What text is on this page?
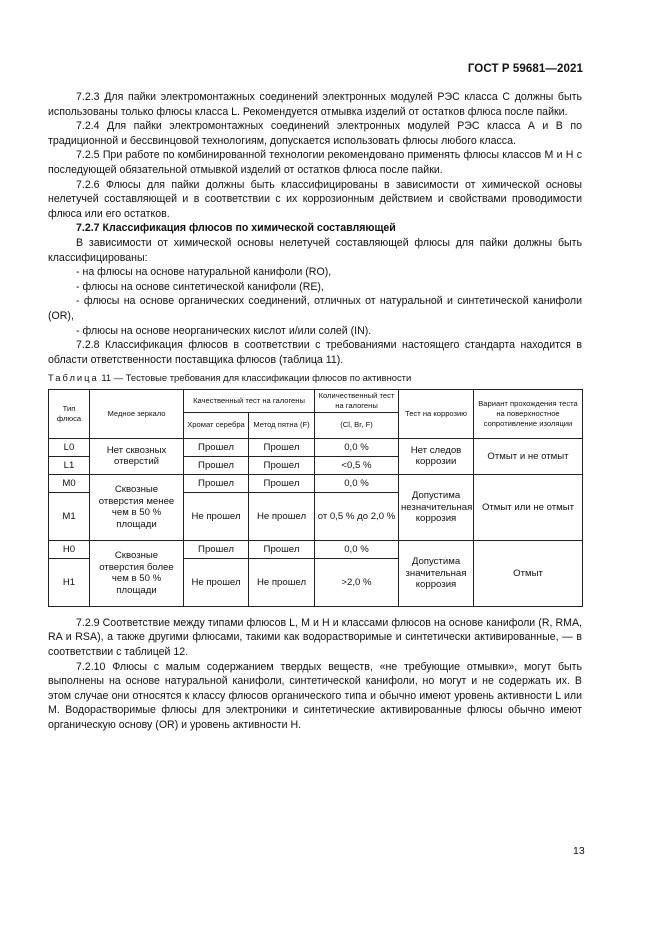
ГОСТ Р 59681—2021

7.2.3 Для пайки электромонтажных соединений электронных модулей РЭС класса С должны быть использованы только флюсы класса L. Рекомендуется отмывка изделий от остатков флюса после пайки.

7.2.4 Для пайки электромонтажных соединений электронных модулей РЭС класса А и В по традиционной и бессвинцовой технологиям, допускается использовать флюсы любого класса.

7.2.5 При работе по комбинированной технологии рекомендовано применять флюсы классов М и Н с последующей обязательной отмывкой изделий от остатков флюса после пайки.

7.2.6 Флюсы для пайки должны быть классифицированы в зависимости от химической основы нелетучей составляющей и в соответствии с их коррозионным действием и свойствами проводимости флюса или его остатков.

7.2.7 Классификация флюсов по химической составляющей

В зависимости от химической основы нелетучей составляющей флюсы для пайки должны быть классифицированы:

- на флюсы на основе натуральной канифоли (RO),

- флюсы на основе синтетической канифоли (RE),

- флюсы на основе органических соединений, отличных от натуральной и синтетической канифоли (OR),

- флюсы на основе неорганических кислот и/или солей (IN).

7.2.8 Классификация флюсов в соответствии с требованиями настоящего стандарта находится в области ответственности поставщика флюсов (таблица 11).

Таблица 11 — Тестовые требования для классификации флюсов по активности

Тип флюса	Медное зеркало	Качественный тест на галогены		Количественный тест на галогены	Тест на коррозию	Вариант прохождения теста на поверхностное сопротивление изоляции
		Хромат серебра	Метод пятна (F)	(Cl, Br, F)		
L0	Нет сквозных отверстий	Прошел	Прошел	0,0 %	Нет следов коррозии	Отмыт и не отмыт
L1		Прошел	Прошел	<0,5 %		
M0	Сквозные отверстия менее чем в 50 % площади	Прошел	Прошел	0,0 %	Допустима незначительная коррозия	Отмыт или не отмыт
M1		Не прошел	Не прошел	от 0,5 % до 2,0 %		
H0	Сквозные отверстия более чем в 50 % площади	Прошел	Прошел	0,0 %	Допустима значительная коррозия	Отмыт
H1		Не прошел	Не прошел	>2,0 %		

7.2.9 Соответствие между типами флюсов L, M и H и классами флюсов на основе канифоли (R, RMA, RA и RSA), а также другими флюсами, такими как водорастворимые и синтетически активированные, — в соответствии с таблицей 12.

7.2.10 Флюсы с малым содержанием твердых веществ, «не требующие отмывки», могут быть выполнены на основе натуральной канифоли, синтетической канифоли, но могут и не содержать их. В этом случае они относятся к классу флюсов органического типа и обычно имеют уровень активности L или M. Водорастворимые флюсы для электроники и синтетические активированные флюсы обычно имеют органическую основу (OR) и уровень активности Н.

13
